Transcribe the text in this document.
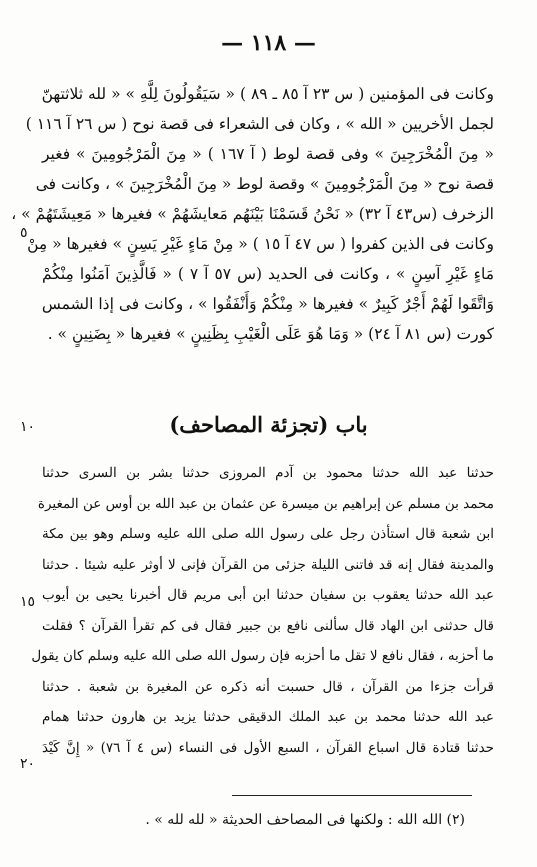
— ١١٨ —
وكانت فى المؤمنين ( س ٢٣ آ ٨٥ ـ ٨٩ ) « سَيَقُولُونَ لِلَّهِ » « لله ثلاثتهنّ
لجمل الأخريين « الله » ، وكان فى الشعراء فى قصة نوح ( س ٢٦ آ ١١٦ )
« مِنَ الْمُخْرَجِينَ » وفى قصة لوط ( آ ١٦٧ ) « مِنَ الْمَرْجُومِينَ » فغير
قصة نوح « مِنَ الْمَرْجُومِينَ » وقصة لوط « مِنَ الْمُخْرَجِينَ » ، وكانت فى
الزخرف (س٤٣ آ ٣٢) « نَحْنُ قَسَمْنَا بَيْنَهُم مَعايشَهُمْ » فغيرها « مَعِيشَتَهُمْ » ،
وكانت فى الذين كفروا ( س ٤٧ آ ١٥ ) « مِنْ مَاءٍ غَيْرِ يَسِنٍ » فغيرها « مِنْ
مَاءٍ غَيْرِ آسِنٍ » ، وكانت فى الحديد (س ٥٧ آ ٧ ) « فَالَّذِينَ آمَنُوا مِنْكُمْ
وَاتَّقَوا لَهُمْ أَجْرٌ كَبِيرٌ » فغيرها « مِنْكُمْ وَأَنْفَقُوا » ، وكانت فى إذا الشمس
كورت (س ٨١ آ ٢٤) « وَمَا هُوَ عَلَى الْغَيْبِ بِظَنِينٍ » فغيرها « بِضَنِينٍ » .
باب (تجزئة المصاحف)
حدثنا عبد الله حدثنا محمود بن آدم المروزى حدثنا بشر بن السرى حدثنا
محمد بن مسلم عن إبراهيم بن ميسرة عن عثمان بن عبد الله بن أوس عن المغيرة
ابن شعبة قال استأذن رجل على رسول الله صلى الله عليه وسلم وهو بين مكة
والمدينة فقال إنه قد فاتنى الليلة جزئى من القرآن فإنى لا أوثر عليه شيئا . حدثنا
عبد الله حدثنا يعقوب بن سفيان حدثنا ابن أبى مريم قال أخبرنا يحيى بن أيوب
قال حدثنى ابن الهاد قال سألنى نافع بن جبير فقال فى كم تقرأ القرآن ؟ فقلت
ما أحزبه ، فقال نافع لا تقل ما أحزبه فإن رسول الله صلى الله عليه وسلم كان يقول
قرأت جزءا من القرآن ، قال حسبت أنه ذكره عن المغيرة بن شعبة . حدثنا
عبد الله حدثنا محمد بن عبد الملك الدقيقى حدثنا يزيد بن هارون حدثنا همام
حدثنا قتادة قال اسباع القرآن ، السبع الأول فى النساء (س ٤ آ ٧٦) « إِنَّ كَيْدَ
٥
١٠
١٥
٢٠
(٢) الله الله : ولكنها فى المصاحف الحديثة « لله لله » .
